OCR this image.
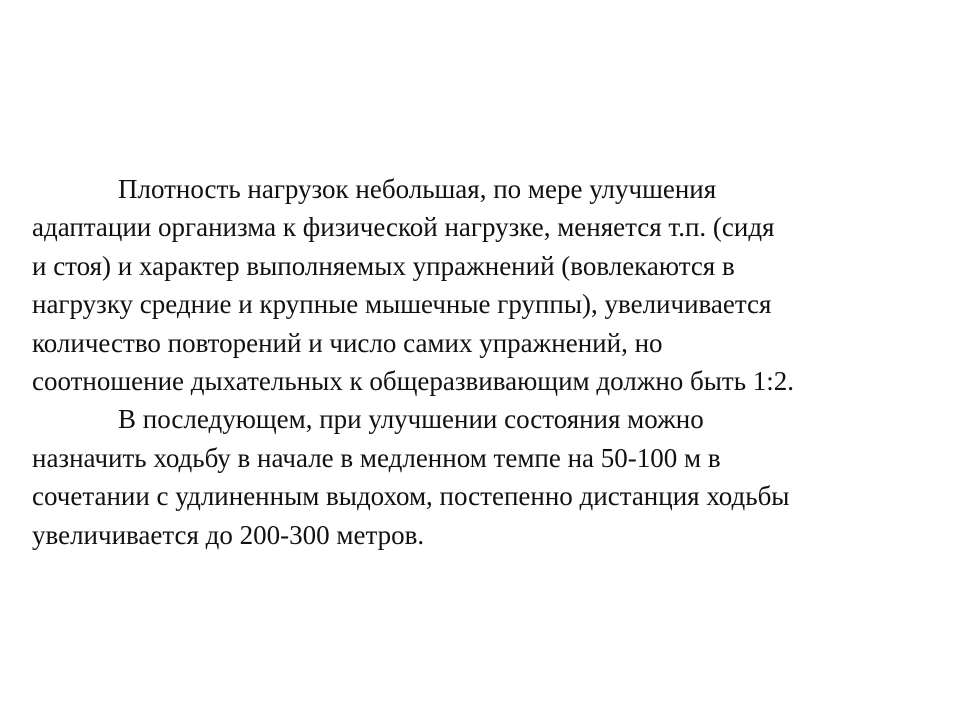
Плотность нагрузок небольшая, по мере улучшения
адаптации организма к физической нагрузке, меняется т.п. (сидя
и стоя) и характер выполняемых упражнений (вовлекаются в
нагрузку средние и крупные мышечные группы), увеличивается
количество повторений и число самих упражнений, но
соотношение дыхательных к общеразвивающим должно быть 1:2.
В последующем, при улучшении состояния можно
назначить ходьбу в начале в медленном темпе на 50-100 м в
сочетании с удлиненным выдохом, постепенно дистанция ходьбы
увеличивается до 200-300 метров.
